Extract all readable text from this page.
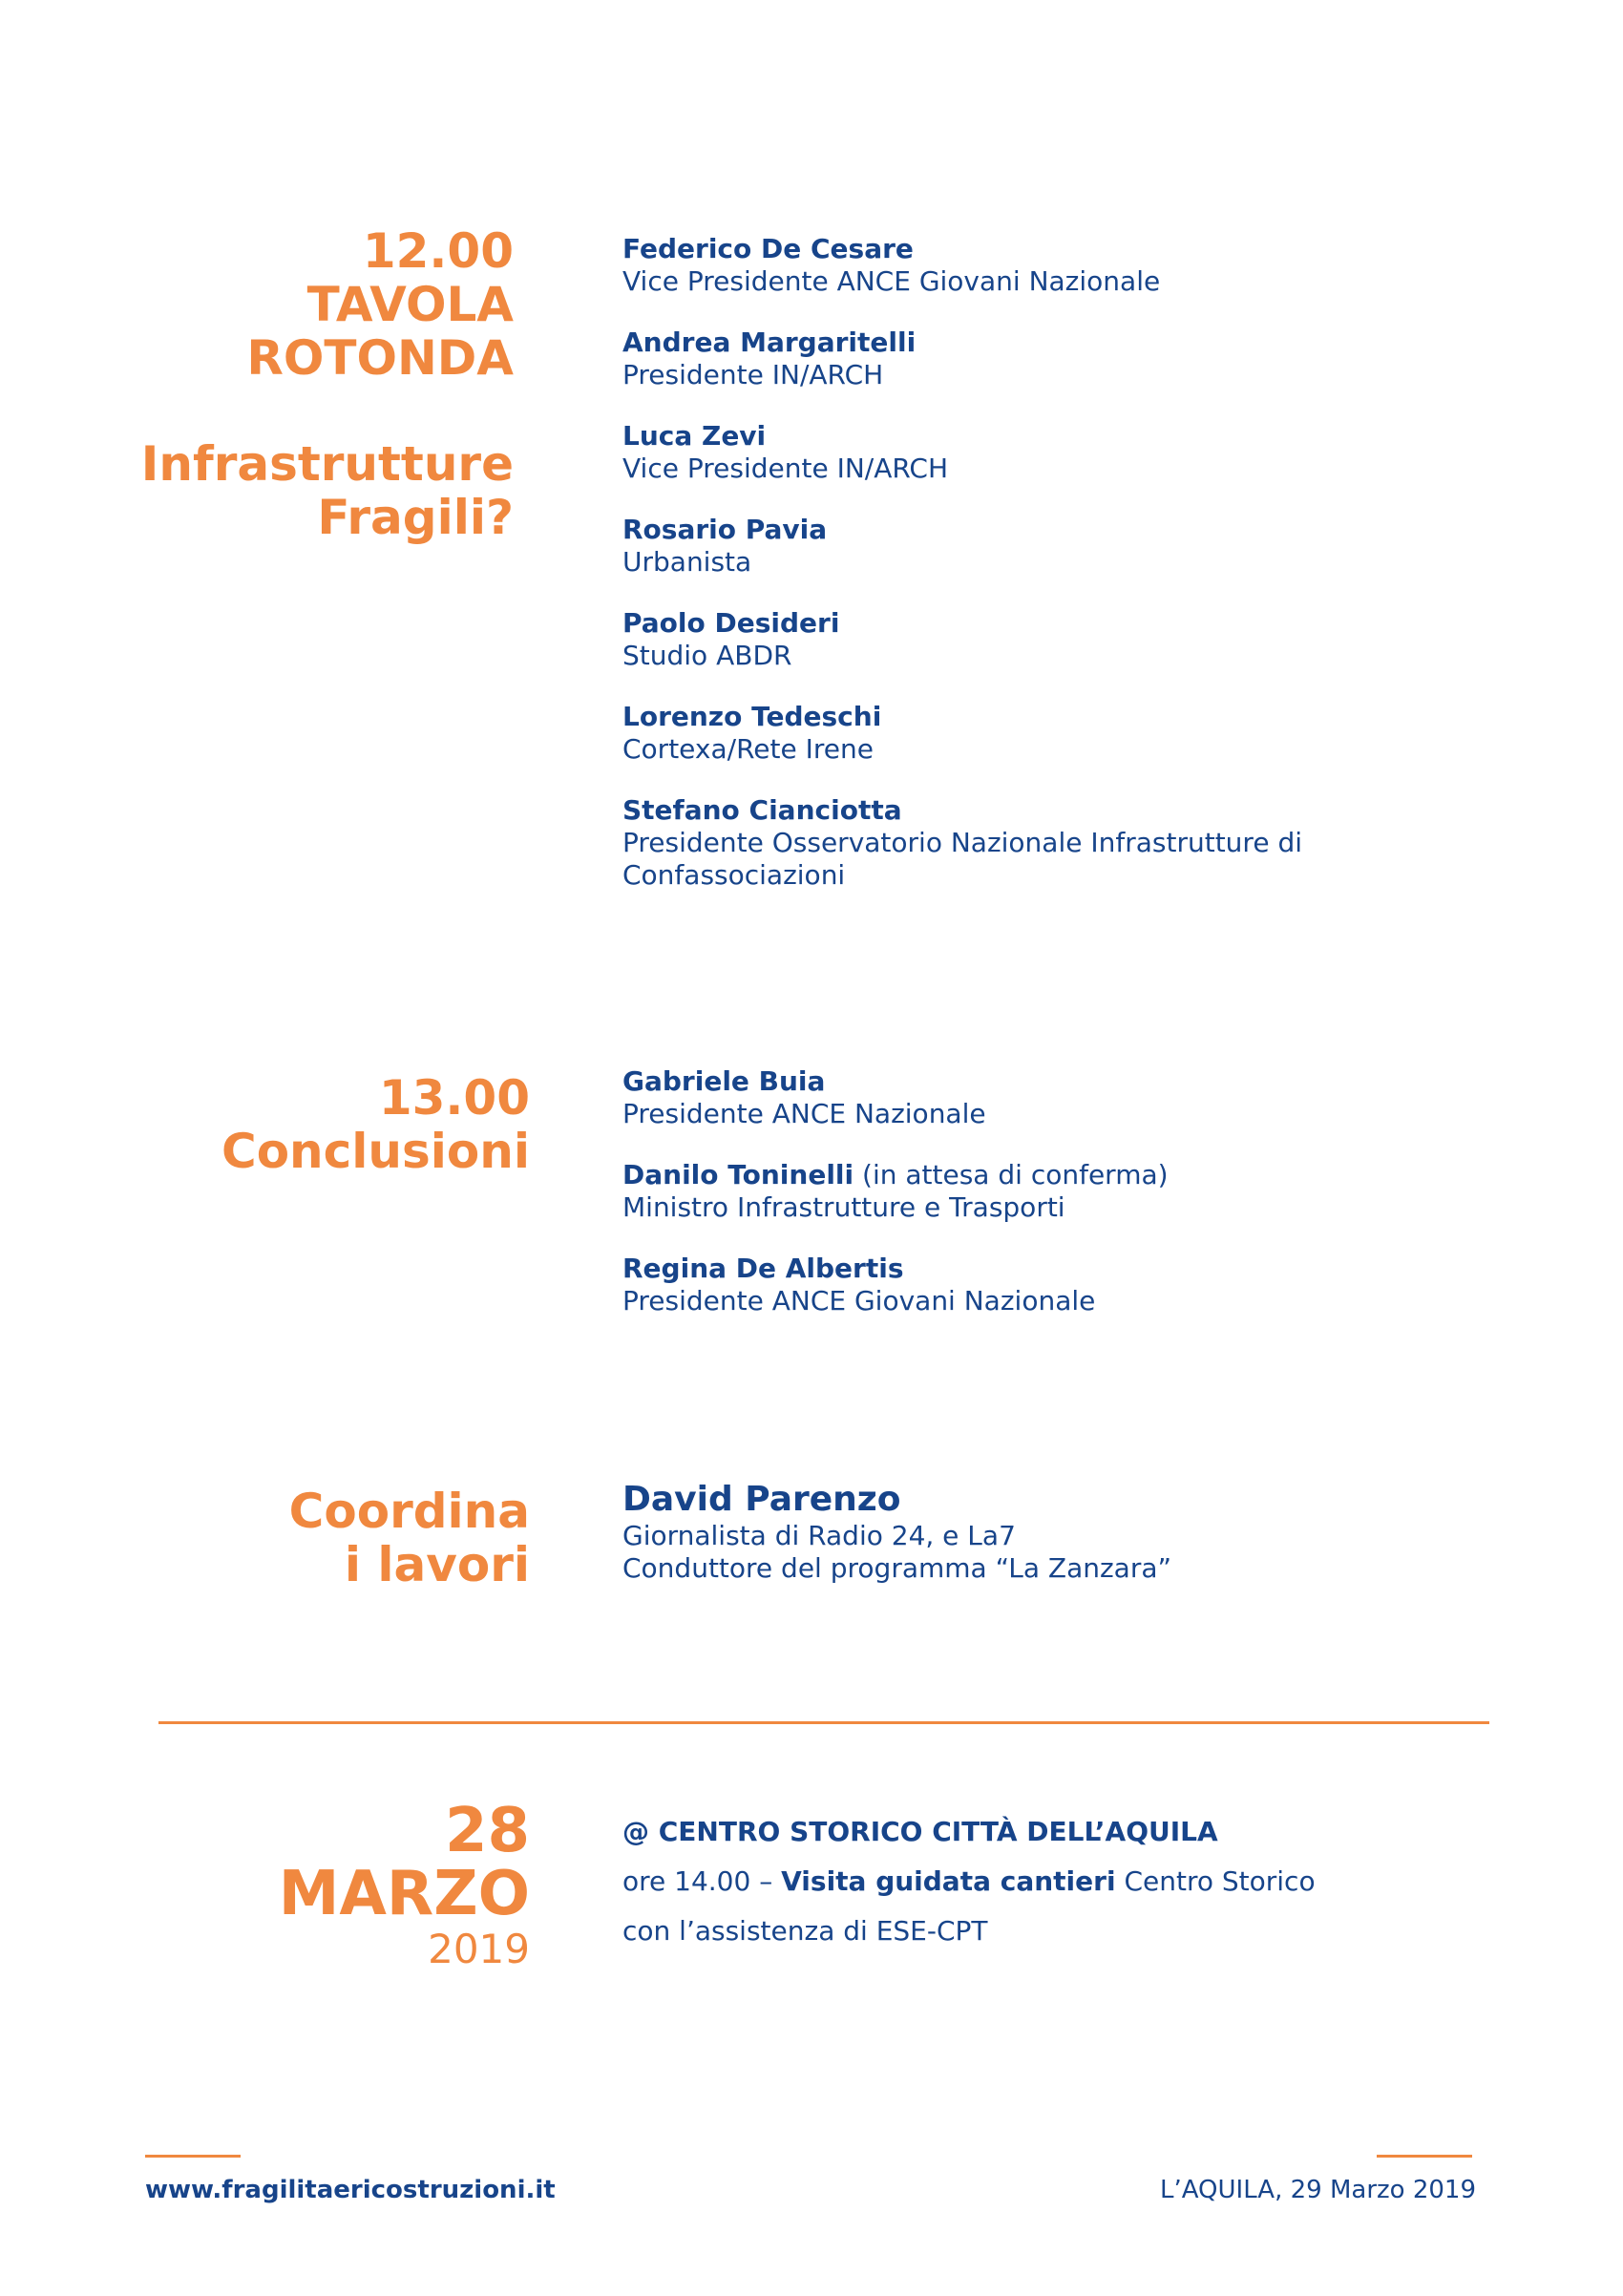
12.00
TAVOLA
ROTONDA
Infrastrutture
Fragili?
Federico De Cesare
Vice Presidente ANCE Giovani Nazionale
Andrea Margaritelli
Presidente IN/ARCH
Luca Zevi
Vice Presidente IN/ARCH
Rosario Pavia
Urbanista
Paolo Desideri
Studio ABDR
Lorenzo Tedeschi
Cortexa/Rete Irene
Stefano Cianciotta
Presidente Osservatorio Nazionale Infrastrutture di
Confassociazioni
13.00
Conclusioni
Gabriele Buia
Presidente ANCE Nazionale
Danilo Toninelli (in attesa di conferma)
Ministro Infrastrutture e Trasporti
Regina De Albertis
Presidente ANCE Giovani Nazionale
Coordina
i lavori
David Parenzo
Giornalista di Radio 24, e La7
Conduttore del programma “La Zanzara”
28
MARZO
2019
@ CENTRO STORICO CITTÀ DELL’AQUILA
ore 14.00 – Visita guidata cantieri Centro Storico
con l’assistenza di ESE-CPT
www.fragilitaericostruzioni.it	L’AQUILA, 29 Marzo 2019
